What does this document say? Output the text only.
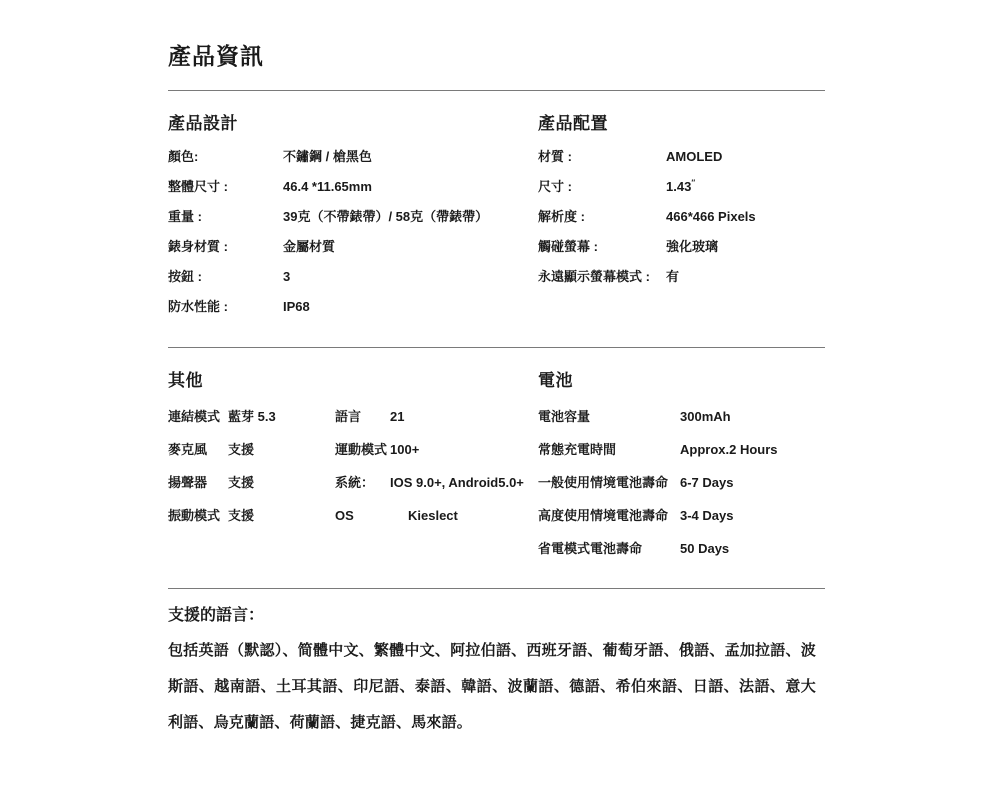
產品資訊
產品設計
顏色:	不鏽鋼 / 槍黑色
整體尺寸 :	46.4 *11.65mm
重量 :	39克（不帶錶帶）/ 58克（帶錶帶）
錶身材質 :	金屬材質
按鈕 :	3
防水性能 :	IP68
產品配置
材質 :	AMOLED
尺寸 :	1.43″
解析度 :	466*466 Pixels
觸碰螢幕 :	強化玻璃
永遠顯示螢幕模式 :	有
其他
連結模式 藍芽 5.3	語言	21
麥克風	支援	運動模式 100+
揚聲器	支援	系統：	IOS 9.0+, Android5.0+
振動模式 支援	OS	Kieslect
電池
電池容量	300mAh
常態充電時間	Approx.2 Hours
一般使用情境電池壽命 6-7 Days
高度使用情境電池壽命 3-4 Days
省電模式電池壽命	50 Days
支援的語言：

包括英語（默認）、简體中文、繁體中文、阿拉伯語、西班牙語、葡萄牙語、俄語、孟加拉語、波斯語、越南語、土耳其語、印尼語、泰語、韓語、波蘭語、德語、希伯來語、日語、法語、意大利語、烏克蘭語、荷蘭語、捷克語、馬來語。
